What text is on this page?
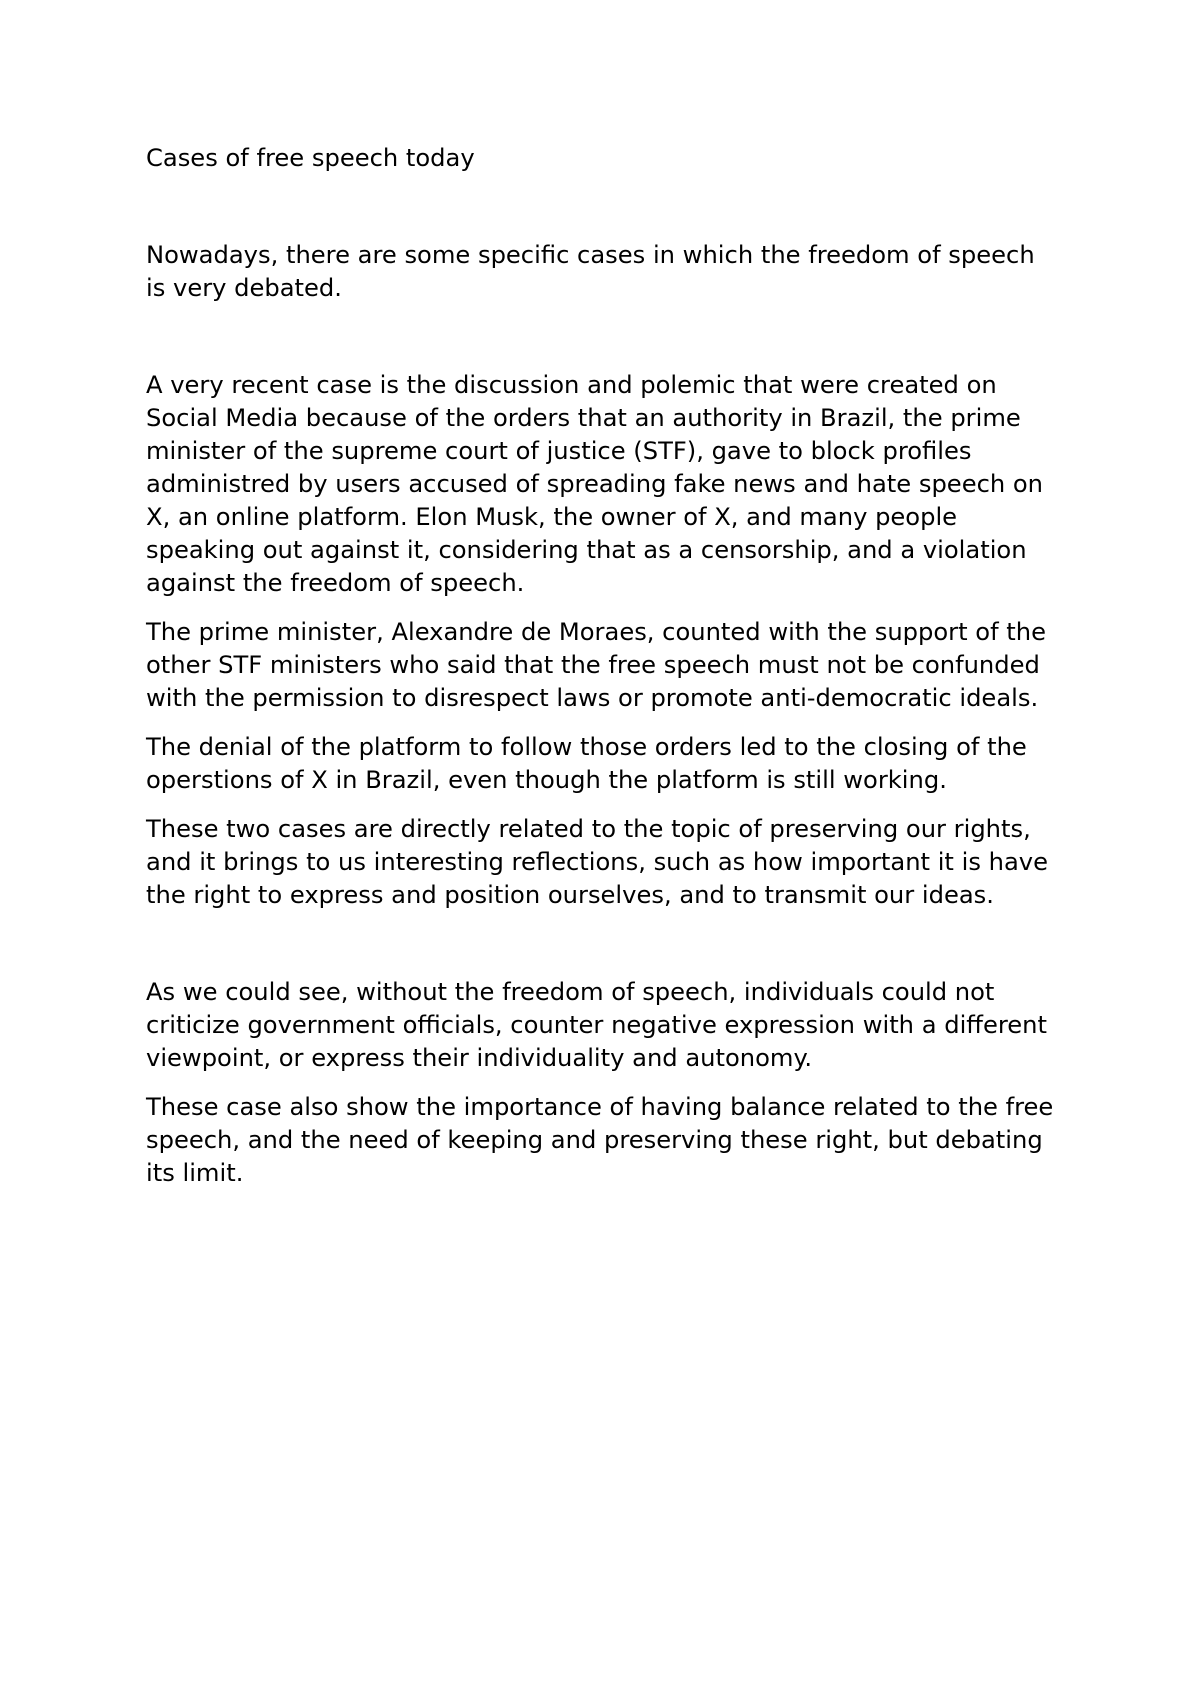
Cases of free speech today

Nowadays, there are some specific cases in which the freedom of speech
is very debated.

A very recent case is the discussion and polemic that were created on
Social Media because of the orders that an authority in Brazil, the prime
minister of the supreme court of justice (STF), gave to block profiles
administred by users accused of spreading fake news and hate speech on
X, an online platform. Elon Musk, the owner of X, and many people
speaking out against it, considering that as a censorship, and a violation
against the freedom of speech.

The prime minister, Alexandre de Moraes, counted with the support of the
other STF ministers who said that the free speech must not be confunded
with the permission to disrespect laws or promote anti-democratic ideals.

The denial of the platform to follow those orders led to the closing of the
operstions of X in Brazil, even though the platform is still working.

These two cases are directly related to the topic of preserving our rights,
and it brings to us interesting reflections, such as how important it is have
the right to express and position ourselves, and to transmit our ideas.

As we could see, without the freedom of speech, individuals could not
criticize government officials, counter negative expression with a different
viewpoint, or express their individuality and autonomy.

These case also show the importance of having balance related to the free
speech, and the need of keeping and preserving these right, but debating
its limit.
